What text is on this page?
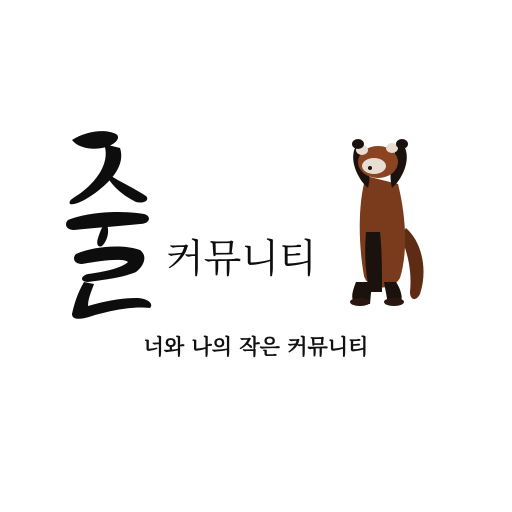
커뮤니티
너와 나의 작은 커뮤니티
